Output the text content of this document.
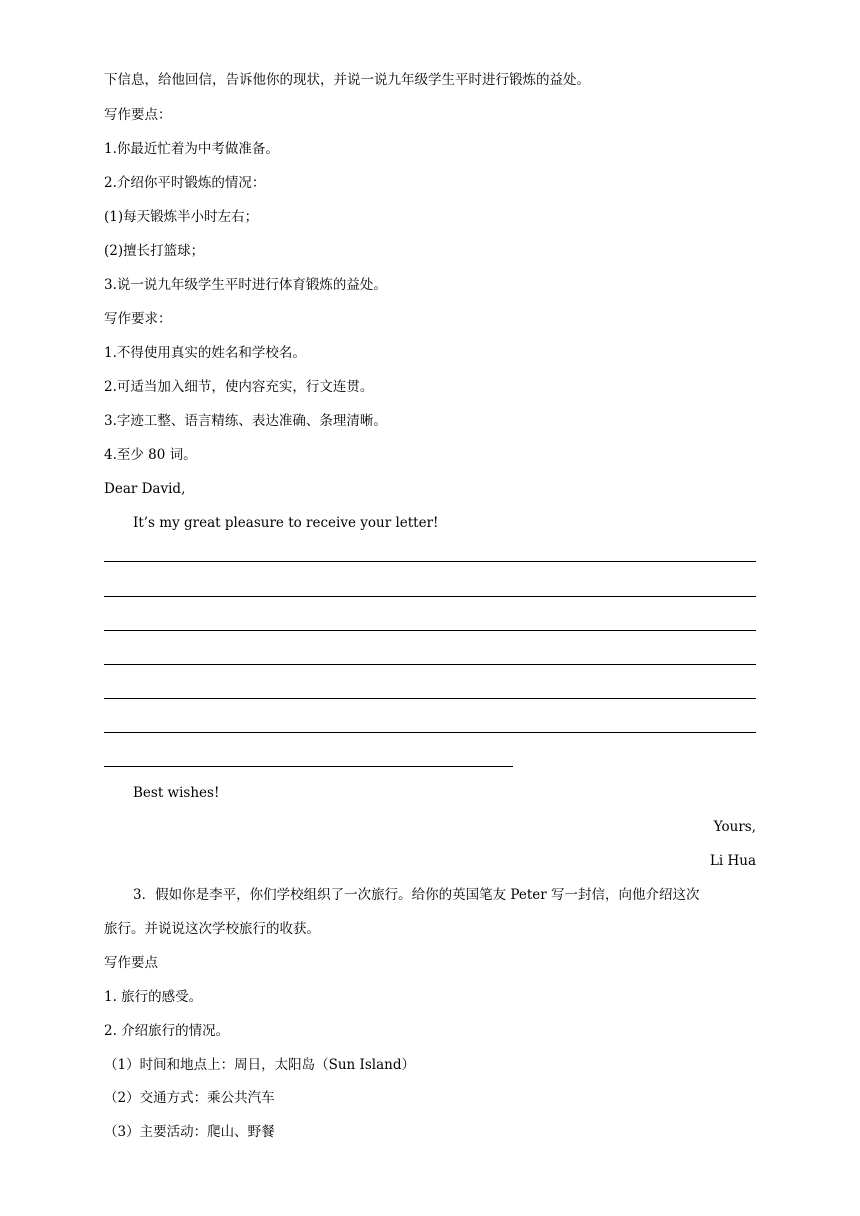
下信息，给他回信，告诉他你的现状，并说一说九年级学生平时进行锻炼的益处。
写作要点：
1.你最近忙着为中考做准备。
2.介绍你平时锻炼的情况：
(1)每天锻炼半小时左右；
(2)擅长打篮球；
3.说一说九年级学生平时进行体育锻炼的益处。
写作要求：
1.不得使用真实的姓名和学校名。
2.可适当加入细节，使内容充实，行文连贯。
3.字迹工整、语言精练、表达准确、条理清晰。
4.至少 80 词。
Dear David,
It’s my great pleasure to receive your letter!
Best wishes!
Yours,
Li Hua
3．假如你是李平，你们学校组织了一次旅行。给你的英国笔友 Peter 写一封信，向他介绍这次
旅行。并说说这次学校旅行的收获。
写作要点
1. 旅行的感受。
2. 介绍旅行的情况。
（1）时间和地点上：周日，太阳岛（Sun Island）
（2）交通方式：乘公共汽车
（3）主要活动：爬山、野餐
